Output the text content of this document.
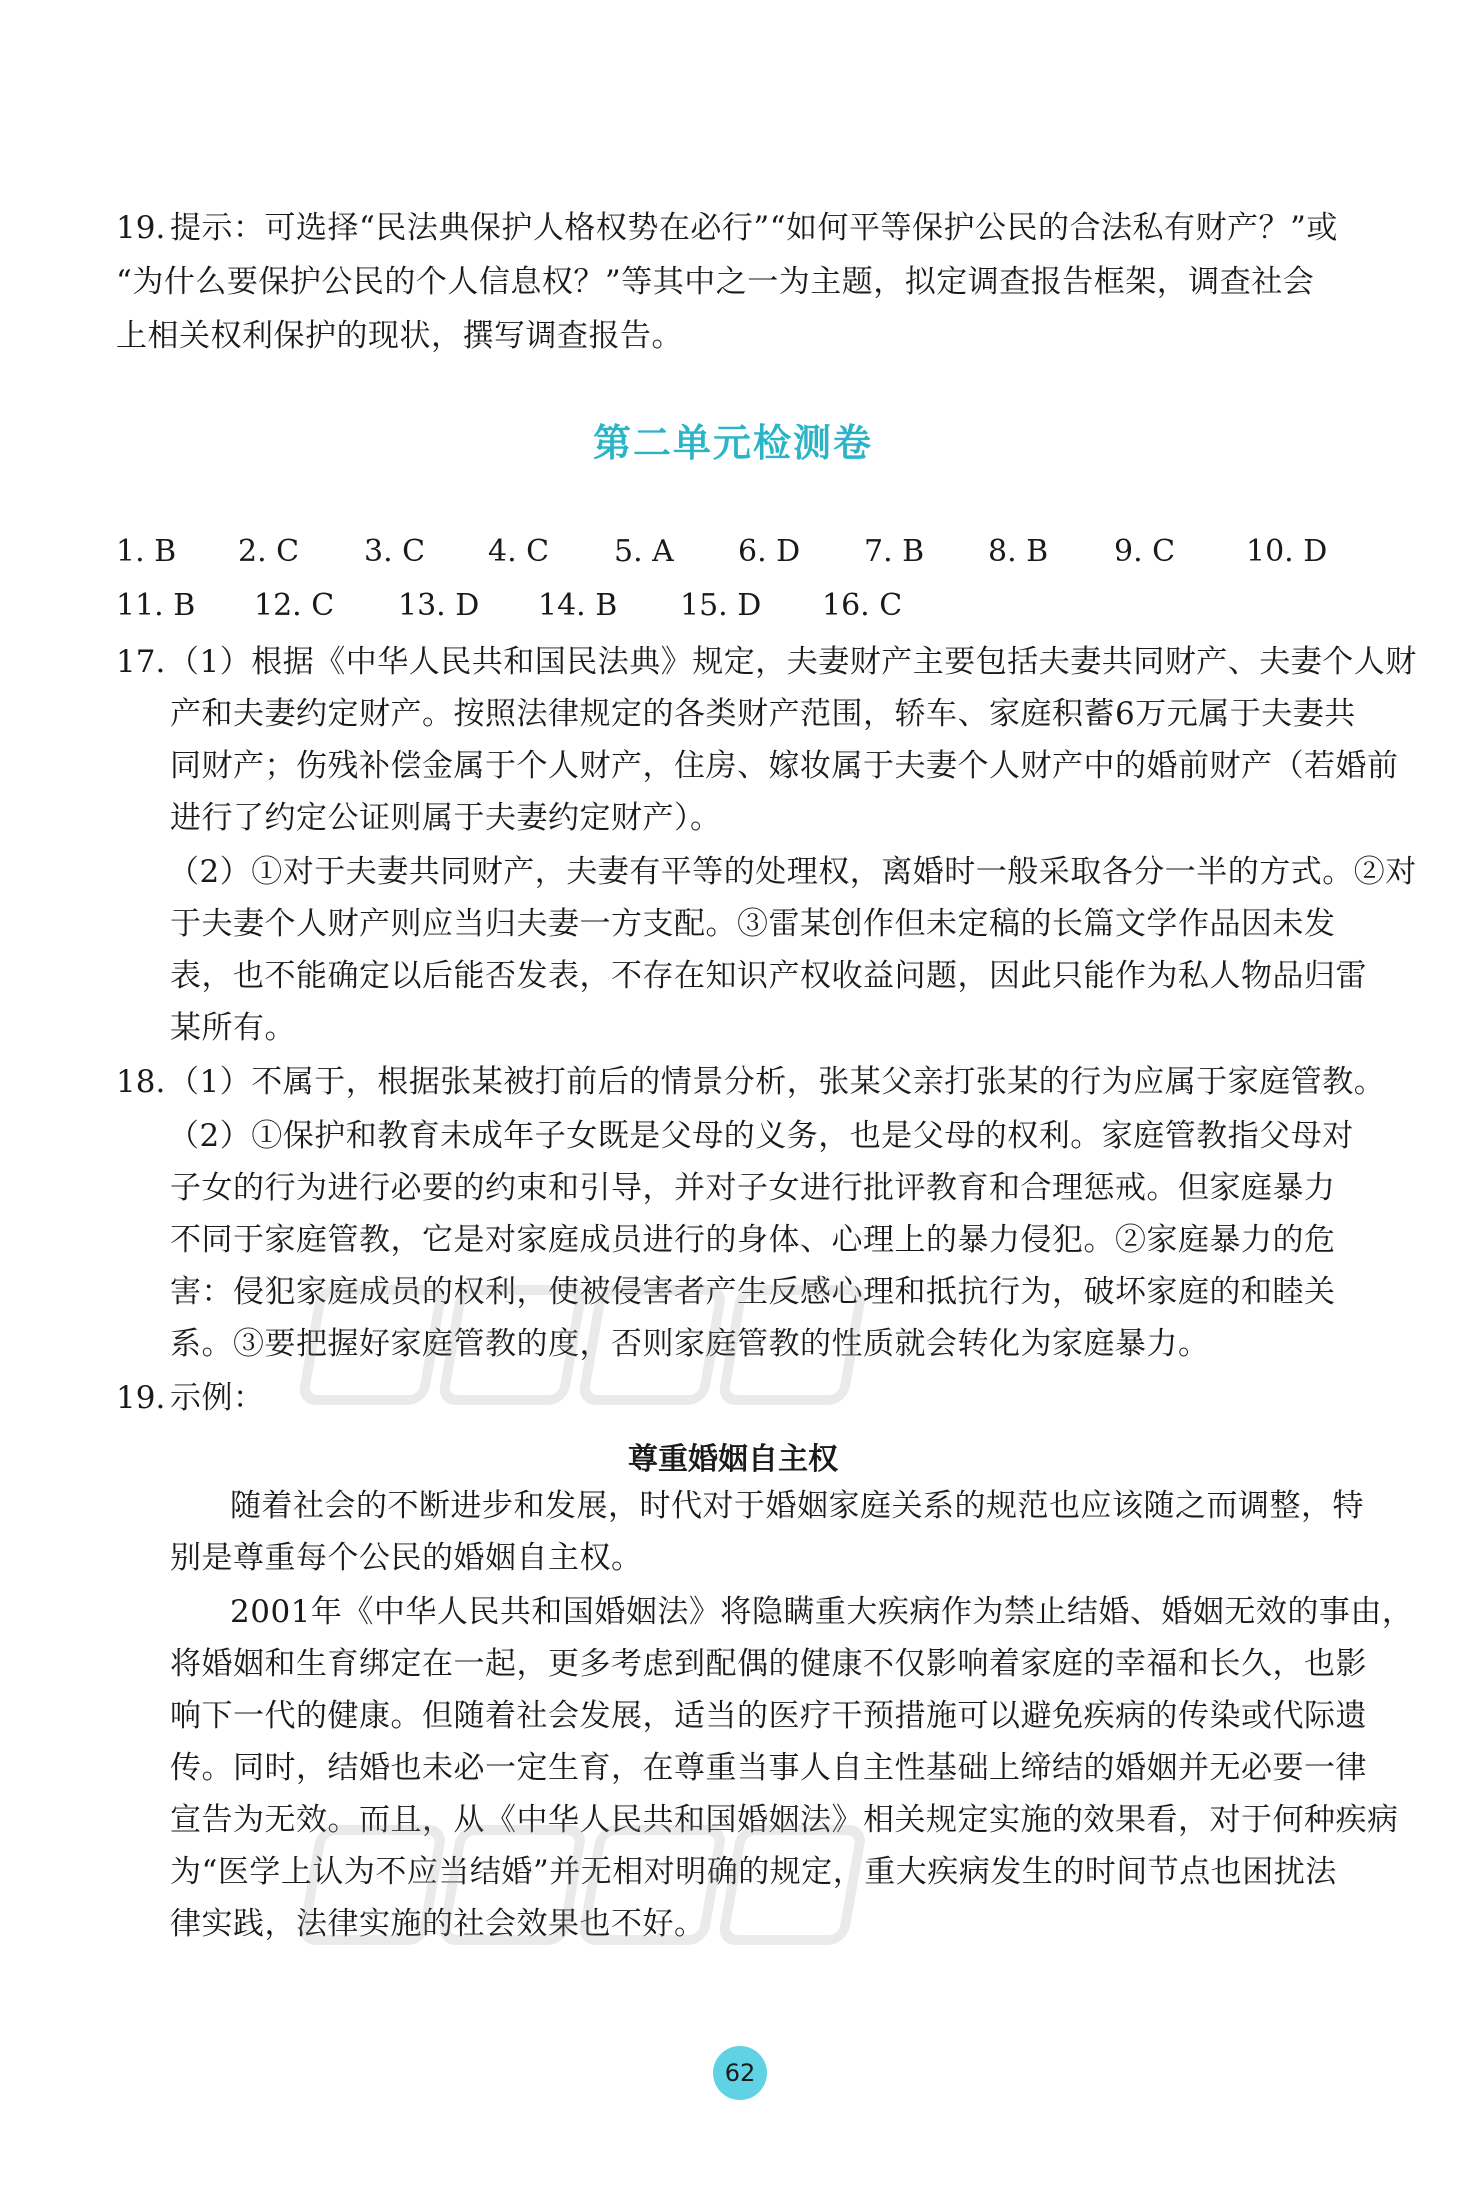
19. 提示：可选择“民法典保护人格权势在必行”“如何平等保护公民的合法私有财产？”或
“为什么要保护公民的个人信息权？”等其中之一为主题，拟定调查报告框架，调查社会
上相关权利保护的现状，撰写调查报告。
第二单元检测卷
1. B 2. C 3. C 4. C 5. A 6. D 7. B 8. B 9. C 10. D
11. B 12. C 13. D 14. B 15. D 16. C
17. （1）根据《中华人民共和国民法典》规定，夫妻财产主要包括夫妻共同财产、夫妻个人财
产和夫妻约定财产。按照法律规定的各类财产范围，轿车、家庭积蓄6万元属于夫妻共
同财产；伤残补偿金属于个人财产，住房、嫁妆属于夫妻个人财产中的婚前财产（若婚前
进行了约定公证则属于夫妻约定财产）。
（2）①对于夫妻共同财产，夫妻有平等的处理权，离婚时一般采取各分一半的方式。②对
于夫妻个人财产则应当归夫妻一方支配。③雷某创作但未定稿的长篇文学作品因未发
表，也不能确定以后能否发表，不存在知识产权收益问题，因此只能作为私人物品归雷
某所有。
18. （1）不属于，根据张某被打前后的情景分析，张某父亲打张某的行为应属于家庭管教。
（2）①保护和教育未成年子女既是父母的义务，也是父母的权利。家庭管教指父母对
子女的行为进行必要的约束和引导，并对子女进行批评教育和合理惩戒。但家庭暴力
不同于家庭管教，它是对家庭成员进行的身体、心理上的暴力侵犯。②家庭暴力的危
害：侵犯家庭成员的权利，使被侵害者产生反感心理和抵抗行为，破坏家庭的和睦关
系。③要把握好家庭管教的度，否则家庭管教的性质就会转化为家庭暴力。
19. 示例：
尊重婚姻自主权
随着社会的不断进步和发展，时代对于婚姻家庭关系的规范也应该随之而调整，特
别是尊重每个公民的婚姻自主权。
2001年《中华人民共和国婚姻法》将隐瞒重大疾病作为禁止结婚、婚姻无效的事由，
将婚姻和生育绑定在一起，更多考虑到配偶的健康不仅影响着家庭的幸福和长久，也影
响下一代的健康。但随着社会发展，适当的医疗干预措施可以避免疾病的传染或代际遗
传。同时，结婚也未必一定生育，在尊重当事人自主性基础上缔结的婚姻并无必要一律
宣告为无效。而且，从《中华人民共和国婚姻法》相关规定实施的效果看，对于何种疾病
为“医学上认为不应当结婚”并无相对明确的规定，重大疾病发生的时间节点也困扰法
律实践，法律实施的社会效果也不好。
62
